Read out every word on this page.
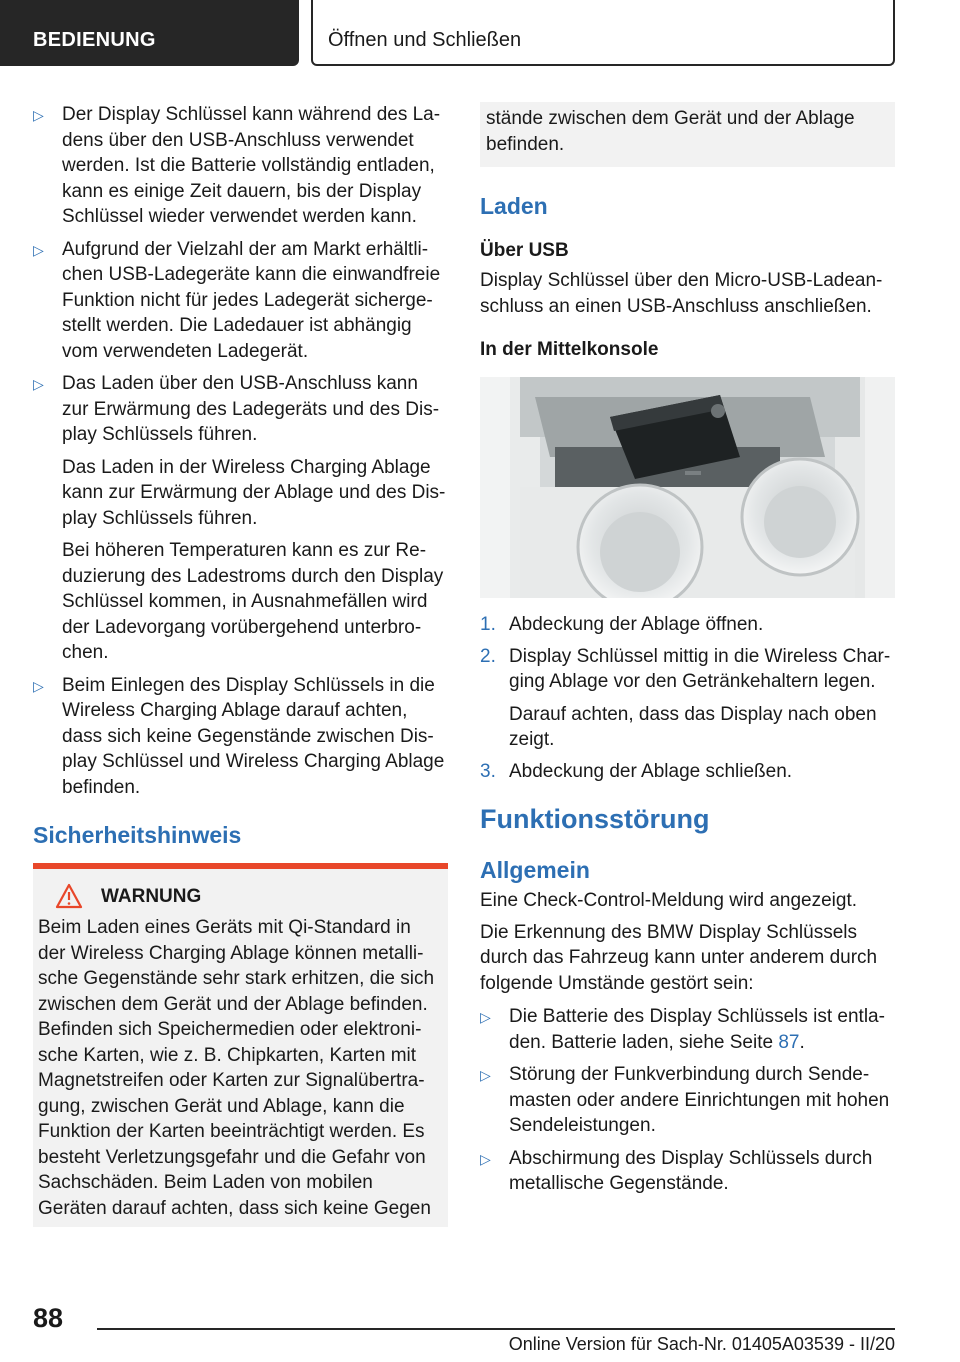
BEDIENUNG	Öffnen und Schließen
▷ Der Display Schlüssel kann während des Ladens über den USB-Anschluss verwendet werden. Ist die Batterie vollständig entladen, kann es einige Zeit dauern, bis der Display Schlüssel wieder verwendet werden kann.
▷ Aufgrund der Vielzahl der am Markt erhältlichen USB-Ladegeräte kann die einwandfreie Funktion nicht für jedes Ladegerät sichergestellt werden. Die Ladedauer ist abhängig vom verwendeten Ladegerät.
▷ Das Laden über den USB-Anschluss kann zur Erwärmung des Ladegeräts und des Display Schlüssels führen.
Das Laden in der Wireless Charging Ablage kann zur Erwärmung der Ablage und des Display Schlüssels führen.
Bei höheren Temperaturen kann es zur Reduzierung des Ladestroms durch den Display Schlüssel kommen, in Ausnahmefällen wird der Ladevorgang vorübergehend unterbrochen.
▷ Beim Einlegen des Display Schlüssels in die Wireless Charging Ablage darauf achten, dass sich keine Gegenstände zwischen Display Schlüssel und Wireless Charging Ablage befinden.
Sicherheitshinweis
WARNUNG
Beim Laden eines Geräts mit Qi-Standard in der Wireless Charging Ablage können metallische Gegenstände sehr stark erhitzen, die sich zwischen dem Gerät und der Ablage befinden. Befinden sich Speichermedien oder elektronische Karten, wie z. B. Chipkarten, Karten mit Magnetstreifen oder Karten zur Signalübertragung, zwischen Gerät und Ablage, kann die Funktion der Karten beeinträchtigt werden. Es besteht Verletzungsgefahr und die Gefahr von Sachschäden. Beim Laden von mobilen Geräten darauf achten, dass sich keine Gegen
stände zwischen dem Gerät und der Ablage befinden.
Laden
Über USB
Display Schlüssel über den Micro-USB-Ladeanschluss an einen USB-Anschluss anschließen.
In der Mittelkonsole
1. Abdeckung der Ablage öffnen.
2. Display Schlüssel mittig in die Wireless Charging Ablage vor den Getränkehaltern legen.
Darauf achten, dass das Display nach oben zeigt.
3. Abdeckung der Ablage schließen.
Funktionsstörung
Allgemein
Eine Check-Control-Meldung wird angezeigt.
Die Erkennung des BMW Display Schlüssels durch das Fahrzeug kann unter anderem durch folgende Umstände gestört sein:
▷ Die Batterie des Display Schlüssels ist entladen. Batterie laden, siehe Seite 87.
▷ Störung der Funkverbindung durch Sendemasten oder andere Einrichtungen mit hohen Sendeleistungen.
▷ Abschirmung des Display Schlüssels durch metallische Gegenstände.
88
Online Version für Sach-Nr. 01405A03539 - II/20
